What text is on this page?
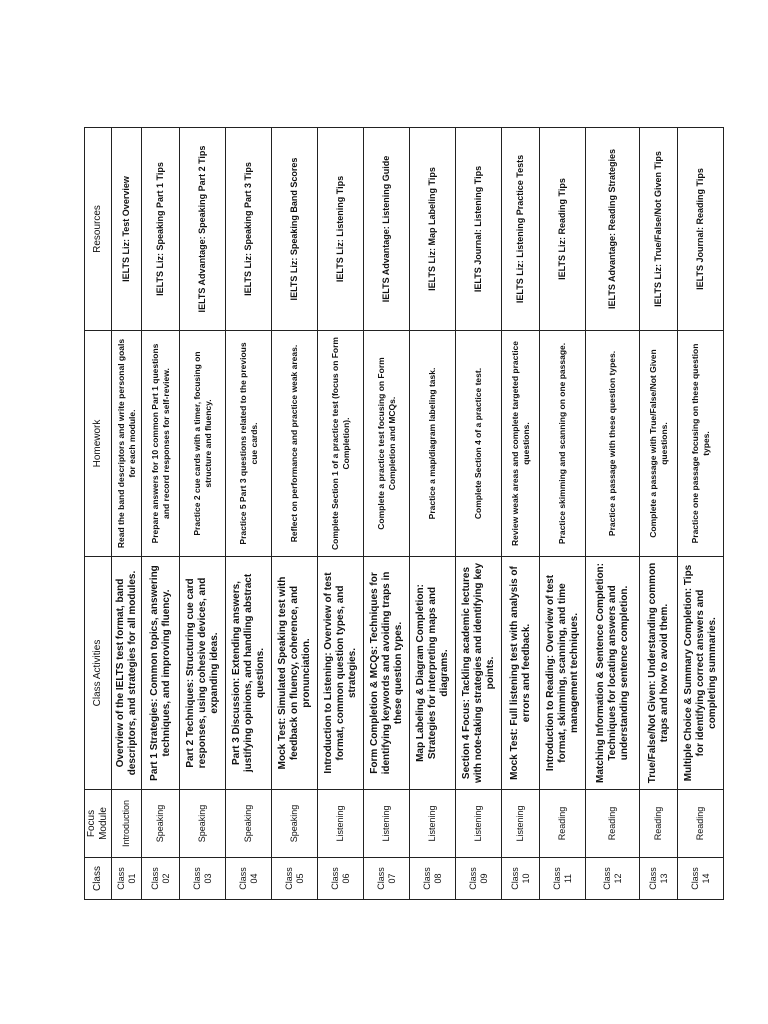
Class	Focus Module	Class Activities	Homework	Resources
Class 01	Introduction	Overview of the IELTS test format, band descriptors, and strategies for all modules.	Read the band descriptors and write personal goals for each module.	IELTS Liz: Test Overview
Class 02	Speaking	Part 1 Strategies: Common topics, answering techniques, and improving fluency.	Prepare answers for 10 common Part 1 questions and record responses for self-review.	IELTS Liz: Speaking Part 1 Tips
Class 03	Speaking	Part 2 Techniques: Structuring cue card responses, using cohesive devices, and expanding ideas.	Practice 2 cue cards with a timer, focusing on structure and fluency.	IELTS Advantage: Speaking Part 2 Tips
Class 04	Speaking	Part 3 Discussion: Extending answers, justifying opinions, and handling abstract questions.	Practice 5 Part 3 questions related to the previous cue cards.	IELTS Liz: Speaking Part 3 Tips
Class 05	Speaking	Mock Test: Simulated Speaking test with feedback on fluency, coherence, and pronunciation.	Reflect on performance and practice weak areas.	IELTS Liz: Speaking Band Scores
Class 06	Listening	Introduction to Listening: Overview of test format, common question types, and strategies.	Complete Section 1 of a practice test (focus on Form Completion).	IELTS Liz: Listening Tips
Class 07	Listening	Form Completion & MCQs: Techniques for identifying keywords and avoiding traps in these question types.	Complete a practice test focusing on Form Completion and MCQs.	IELTS Advantage: Listening Guide
Class 08	Listening	Map Labeling & Diagram Completion: Strategies for interpreting maps and diagrams.	Practice a map/diagram labeling task.	IELTS Liz: Map Labeling Tips
Class 09	Listening	Section 4 Focus: Tackling academic lectures with note-taking strategies and identifying key points.	Complete Section 4 of a practice test.	IELTS Journal: Listening Tips
Class 10	Listening	Mock Test: Full listening test with analysis of errors and feedback.	Review weak areas and complete targeted practice questions.	IELTS Liz: Listening Practice Tests
Class 11	Reading	Introduction to Reading: Overview of test format, skimming, scanning, and time management techniques.	Practice skimming and scanning on one passage.	IELTS Liz: Reading Tips
Class 12	Reading	Matching Information & Sentence Completion: Techniques for locating answers and understanding sentence completion.	Practice a passage with these question types.	IELTS Advantage: Reading Strategies
Class 13	Reading	True/False/Not Given: Understanding common traps and how to avoid them.	Complete a passage with True/False/Not Given questions.	IELTS Liz: True/False/Not Given Tips
Class 14	Reading	Multiple Choice & Summary Completion: Tips for identifying correct answers and completing summaries.	Practice one passage focusing on these question types.	IELTS Journal: Reading Tips
